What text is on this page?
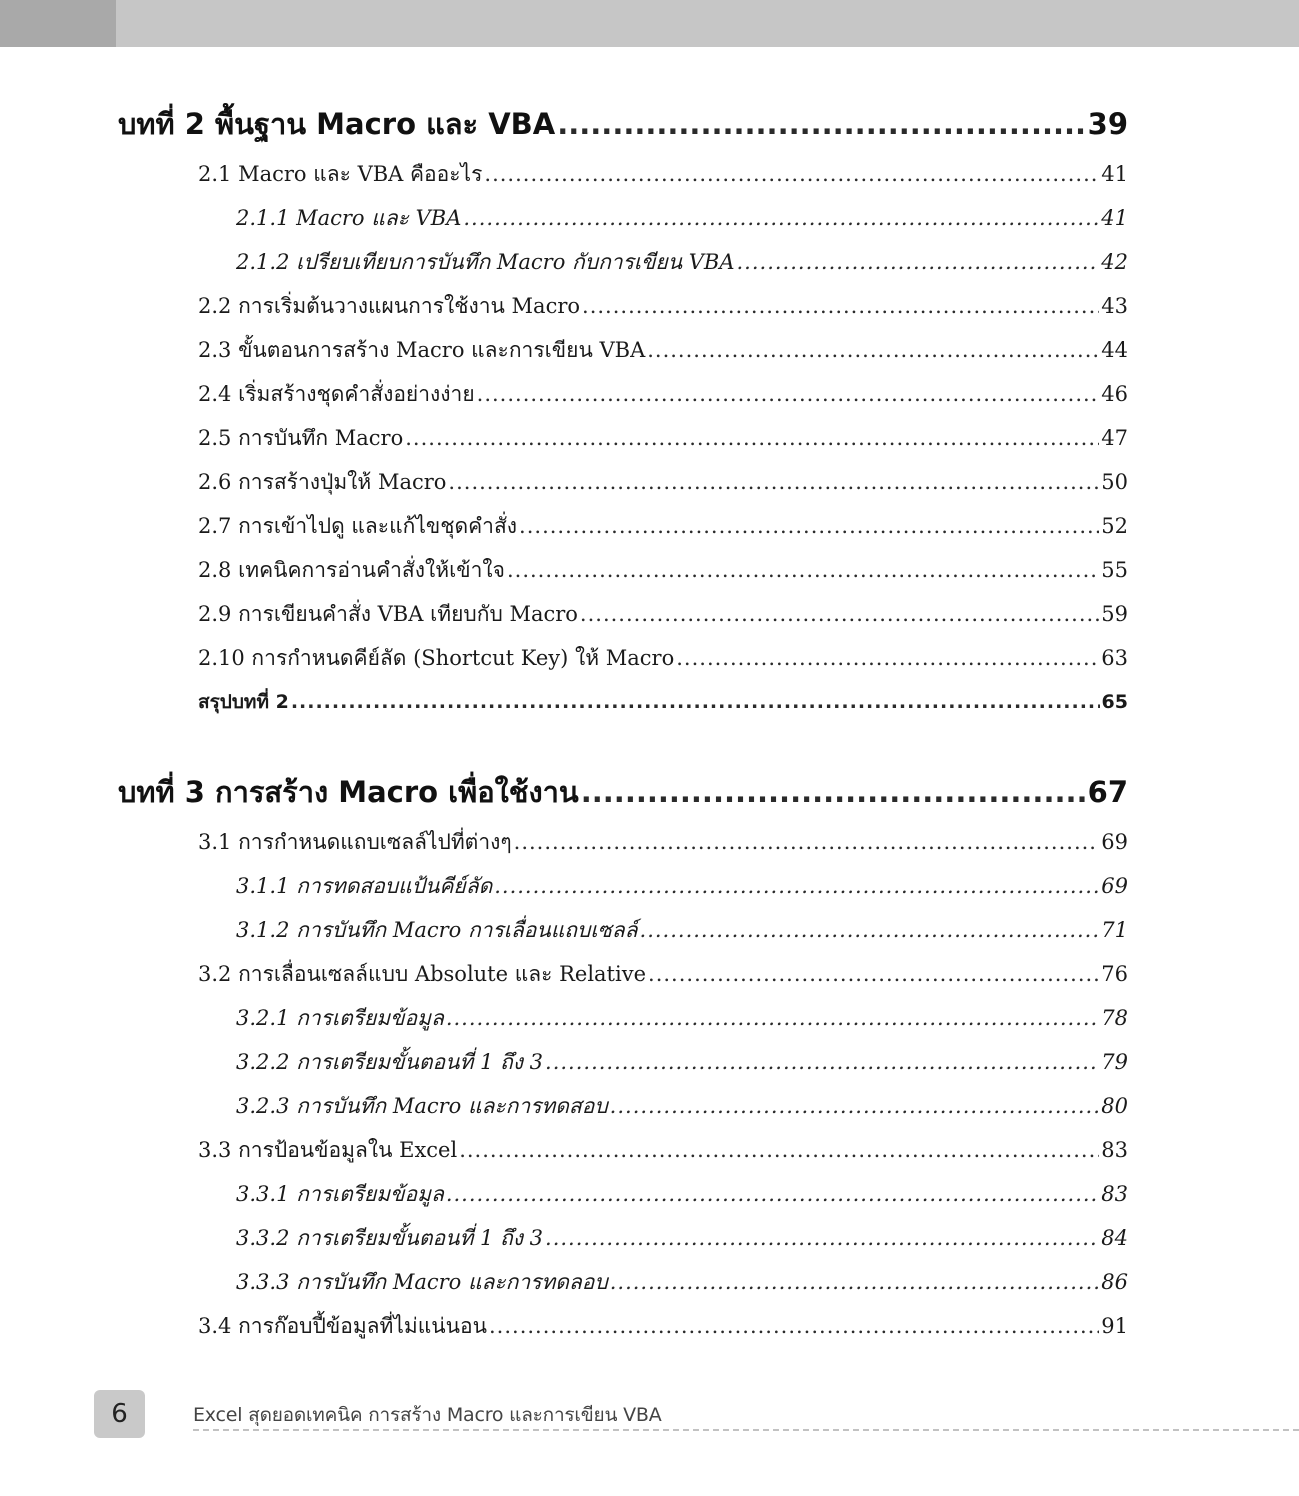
บทที่ 2 พื้นฐาน Macro และ VBA .....	39
2.1 Macro และ VBA คืออะไร .....	41
2.1.1 Macro และ VBA .....	41
2.1.2 เปรียบเทียบการบันทึก Macro กับการเขียน VBA .....	42
2.2 การเริ่มต้นวางแผนการใช้งาน Macro .....	43
2.3 ขั้นตอนการสร้าง Macro และการเขียน VBA .....	44
2.4 เริ่มสร้างชุดคำสั่งอย่างง่าย .....	46
2.5 การบันทึก Macro .....	47
2.6 การสร้างปุ่มให้ Macro .....	50
2.7 การเข้าไปดู และแก้ไขชุดคำสั่ง .....	52
2.8 เทคนิคการอ่านคำสั่งให้เข้าใจ .....	55
2.9 การเขียนคำสั่ง VBA เทียบกับ Macro .....	59
2.10 การกำหนดคีย์ลัด (Shortcut Key) ให้ Macro .....	63
สรุปบทที่ 2 .....	65
บทที่ 3 การสร้าง Macro เพื่อใช้งาน .....	67
3.1 การกำหนดแถบเซลล์ไปที่ต่างๆ .....	69
3.1.1 การทดสอบแป้นคีย์ลัด .....	69
3.1.2 การบันทึก Macro การเลื่อนแถบเซลล์ .....	71
3.2 การเลื่อนเซลล์แบบ Absolute และ Relative .....	76
3.2.1 การเตรียมข้อมูล .....	78
3.2.2 การเตรียมขั้นตอนที่ 1 ถึง 3 .....	79
3.2.3 การบันทึก Macro และการทดสอบ .....	80
3.3 การป้อนข้อมูลใน Excel .....	83
3.3.1 การเตรียมข้อมูล .....	83
3.3.2 การเตรียมขั้นตอนที่ 1 ถึง 3 .....	84
3.3.3 การบันทึก Macro และการทดลอบ .....	86
3.4 การก๊อบปี้ข้อมูลที่ไม่แน่นอน .....	91
6	Excel สุดยอดเทคนิค การสร้าง Macro และการเขียน VBA
